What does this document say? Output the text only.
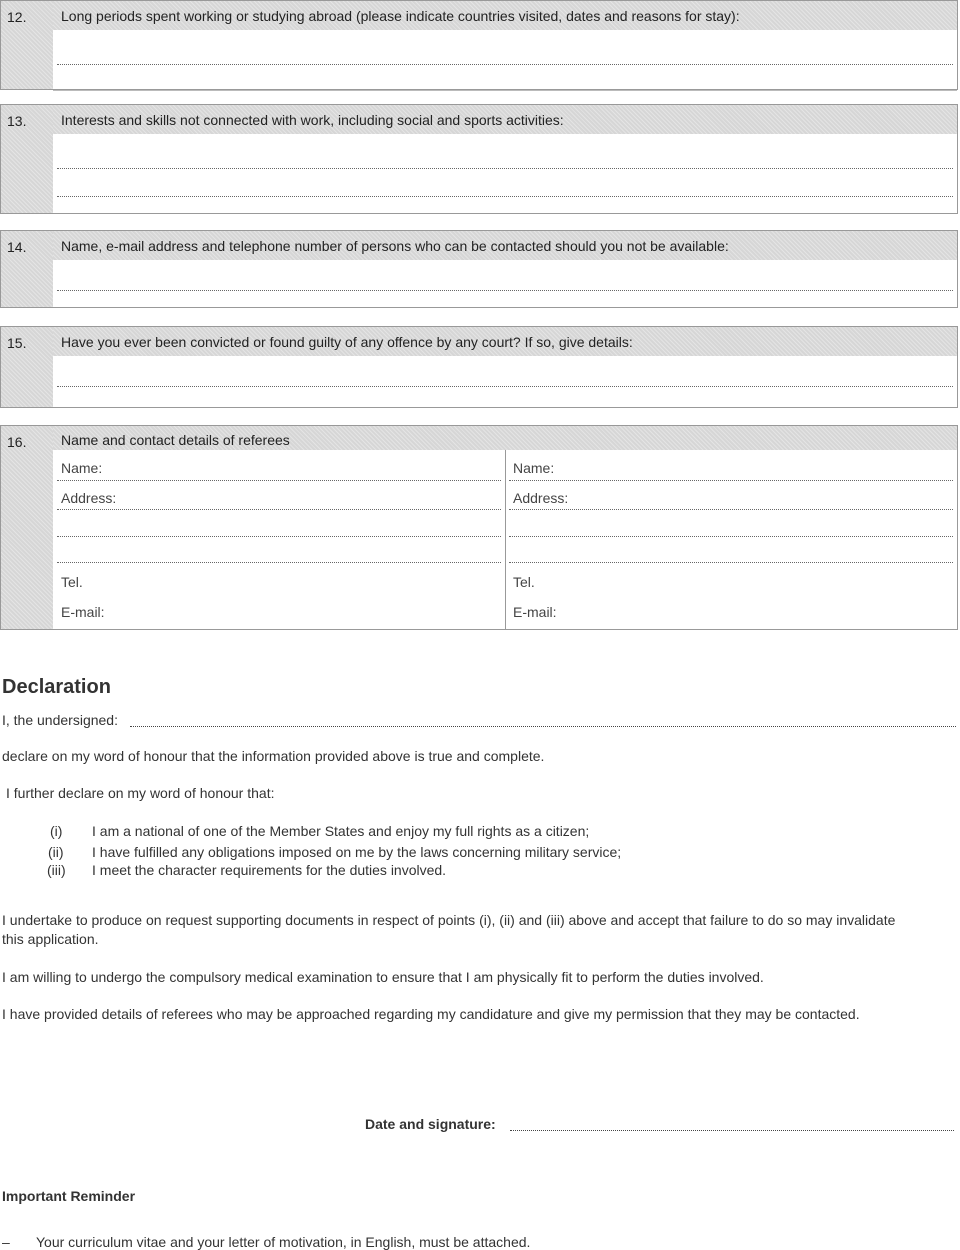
12. Long periods spent working or studying abroad (please indicate countries visited, dates and reasons for stay):
13. Interests and skills not connected with work, including social and sports activities:
14. Name, e-mail address and telephone number of persons who can be contacted should you not be available:
15. Have you ever been convicted or found guilty of any offence by any court? If so, give details:
16. Name and contact details of referees
Name:
Address:
Tel.
E-mail:
Name:
Address:
Tel.
E-mail:
Declaration
I, the undersigned:
declare on my word of honour that the information provided above is true and complete.
I further declare on my word of honour that:
(i) I am a national of one of the Member States and enjoy my full rights as a citizen;
(ii) I have fulfilled any obligations imposed on me by the laws concerning military service;
(iii) I meet the character requirements for the duties involved.
I undertake to produce on request supporting documents in respect of points (i), (ii) and (iii) above and accept that failure to do so may invalidate
this application.
I am willing to undergo the compulsory medical examination to ensure that I am physically fit to perform the duties involved.
I have provided details of referees who may be approached regarding my candidature and give my permission that they may be contacted.
Date and signature:
Important Reminder
– Your curriculum vitae and your letter of motivation, in English, must be attached.
